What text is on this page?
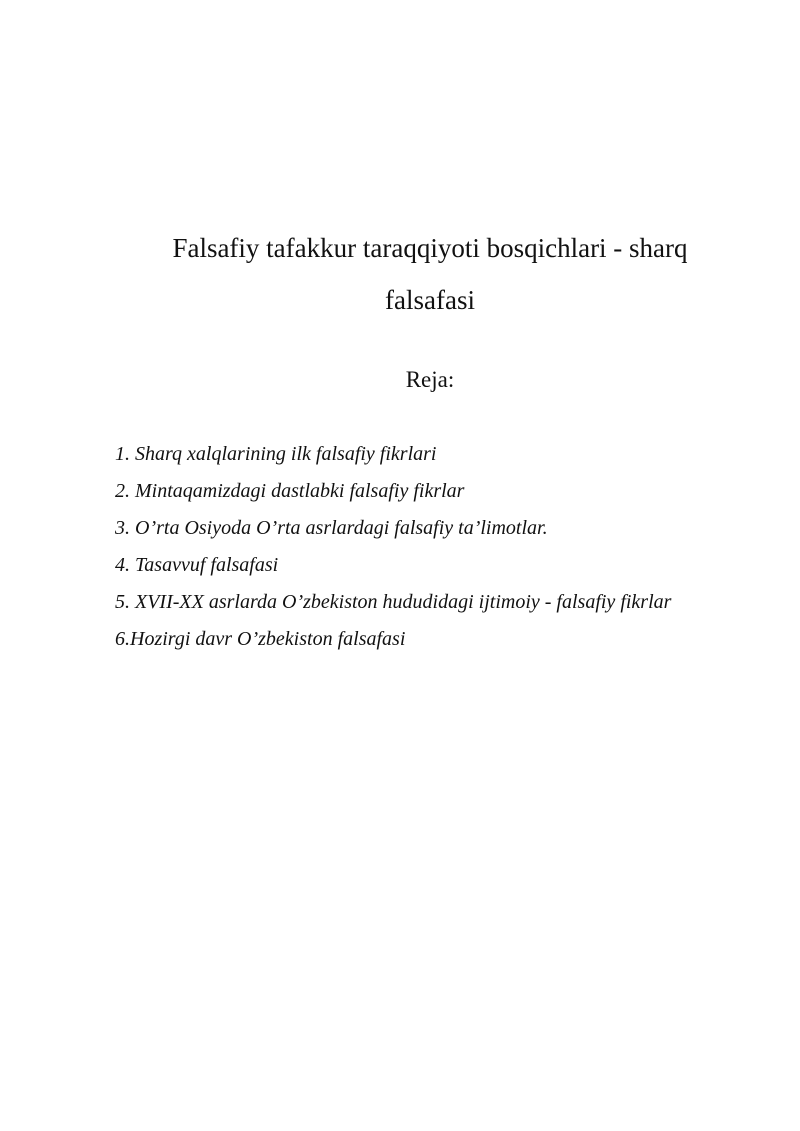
Falsafiy tafakkur taraqqiyoti bosqichlari - sharq
falsafasi

Reja:

1. Sharq xalqlarining ilk falsafiy fikrlari
2. Mintaqamizdagi dastlabki falsafiy fikrlar
3. O’rta Osiyoda O’rta asrlardagi falsafiy ta’limotlar.
4. Tasavvuf falsafasi
5. XVII-XX asrlarda O’zbekiston hududidagi ijtimoiy - falsafiy fikrlar
6.Hozirgi davr O’zbekiston falsafasi
